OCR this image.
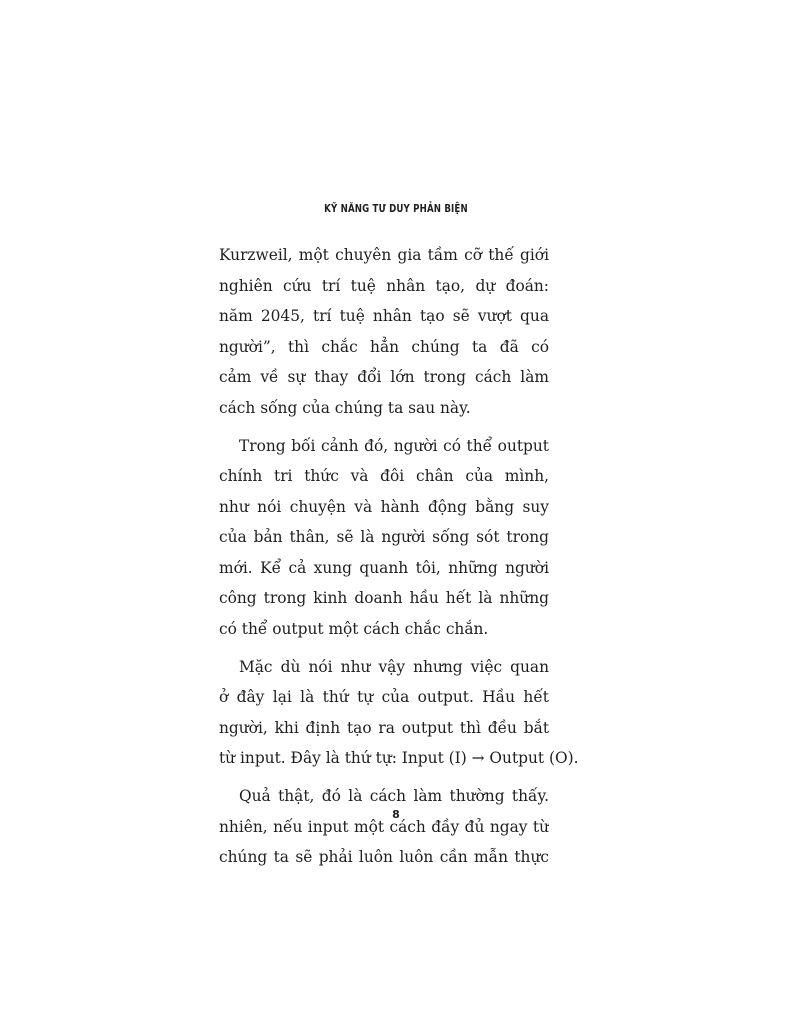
KỸ NĂNG TƯ DUY PHẢN BIỆN
Kurzweil, một chuyên gia tầm cỡ thế giới
nghiên cứu trí tuệ nhân tạo, dự đoán:
năm 2045, trí tuệ nhân tạo sẽ vượt qua
người”, thì chắc hẳn chúng ta đã có
cảm về sự thay đổi lớn trong cách làm
cách sống của chúng ta sau này.
Trong bối cảnh đó, người có thể output
chính tri thức và đôi chân của mình,
như nói chuyện và hành động bằng suy
của bản thân, sẽ là người sống sót trong
mới. Kể cả xung quanh tôi, những người
công trong kinh doanh hầu hết là những
có thể output một cách chắc chắn.
Mặc dù nói như vậy nhưng việc quan
ở đây lại là thứ tự của output. Hầu hết
người, khi định tạo ra output thì đều bắt
từ input. Đây là thứ tự: Input (I) → Output (O).
Quả thật, đó là cách làm thường thấy.
nhiên, nếu input một cách đầy đủ ngay từ
chúng ta sẽ phải luôn luôn cần mẫn thực
8
